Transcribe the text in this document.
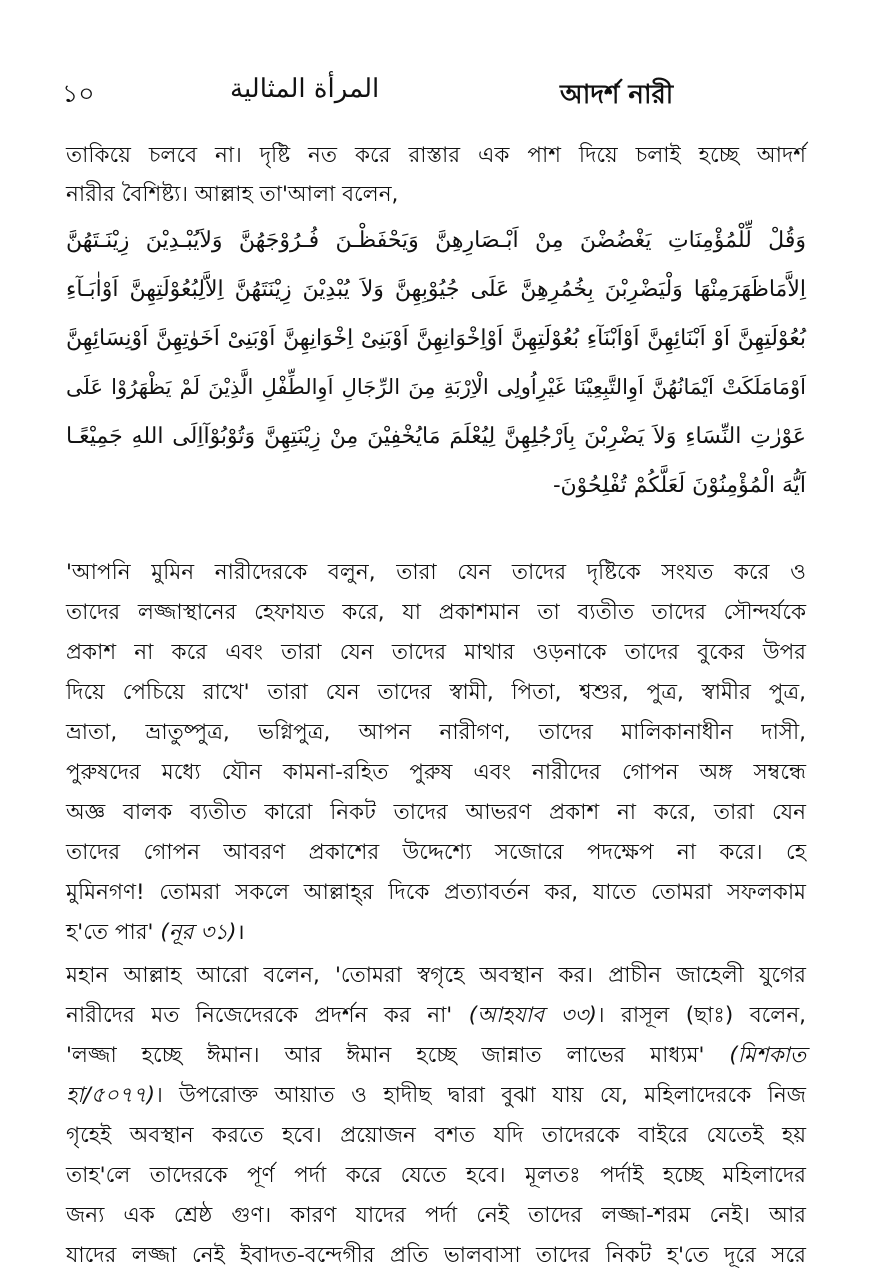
১০	المرأة المثالية	আদর্শ নারী
তাকিয়ে চলবে না। দৃষ্টি নত করে রাস্তার এক পাশ দিয়ে চলাই হচ্ছে আদর্শ
নারীর বৈশিষ্ট্য। আল্লাহ তা'আলা বলেন,
وَقُلْ لِّلْمُؤْمِنَاتِ يَغْضُضْنَ مِنْ اَبْـصَارِهِنَّ وَيَحْفَظْـنَ فُـرُوْجَهُنَّ وَلاَيُبْـدِيْنَ زِيْنَـتَهُنَّ
اِلاَّمَاظَهَرَمِنْهَا وَلْيَضْرِبْنَ بِخُمُرِهِنَّ عَلَى جُيُوْبِهِنَّ وَلاَ يُبْدِيْنَ زِيْنَتَهُنَّ اِلاَّلِبُعُوْلَتِهِنَّ اَوْاٰبَـآءِ
بُعُوْلَتِهِنَّ اَوْ اَبْنَائِهِنَّ اَوْاَبْنَآءِ بُعُوْلَتِهِنَّ اَوْاِخْوَانِهِنَّ اَوْبَنِىْ اِخْوَانِهِنَّ اَوْبَنِىْ اَخَوٰتِهِنَّ اَوْنِسَائِهِنَّ
اَوْمَامَلَكَتْ اَيْمَانُهُنَّ اَوِالتَّبِعِيْنَا غَيْرِاُولِى الْاِرْبَةِ مِنَ الرِّجَالِ اَوِالطِّفْلِ الَّذِيْنَ لَمْ يَظْهَرُوْا عَلَى
عَوْرٰتِ النِّسَاءِ وَلاَ يَضْرِبْنَ بِاَرْجُلِهِنَّ لِيُعْلَمَ مَايُخْفِيْنَ مِنْ زِيْنَتِهِنَّ وَتُوْبُوْآاِلَى اللهِ جَمِيْعًـا
اَيُّهَ الْمُؤْمِنُوْنَ لَعَلَّكُمْ تُفْلِحُوْنَ-
'আপনি মুমিন নারীদেরকে বলুন, তারা যেন তাদের দৃষ্টিকে সংযত করে ও
তাদের লজ্জাস্থানের হেফাযত করে, যা প্রকাশমান তা ব্যতীত তাদের সৌন্দর্যকে
প্রকাশ না করে এবং তারা যেন তাদের মাথার ওড়নাকে তাদের বুকের উপর
দিয়ে পেচিয়ে রাখে' তারা যেন তাদের স্বামী, পিতা, শ্বশুর, পুত্র, স্বামীর পুত্র,
ভ্রাতা, ভ্রাতুষ্পুত্র, ভগ্নিপুত্র, আপন নারীগণ, তাদের মালিকানাধীন দাসী,
পুরুষদের মধ্যে যৌন কামনা-রহিত পুরুষ এবং নারীদের গোপন অঙ্গ সম্বন্ধে
অজ্ঞ বালক ব্যতীত কারো নিকট তাদের আভরণ প্রকাশ না করে, তারা যেন
তাদের গোপন আবরণ প্রকাশের উদ্দেশ্যে সজোরে পদক্ষেপ না করে। হে
মুমিনগণ! তোমরা সকলে আল্লাহ্‌র দিকে প্রত্যাবর্তন কর, যাতে তোমরা সফলকাম
হ'তে পার' (নূর ৩১)।
মহান আল্লাহ আরো বলেন, 'তোমরা স্বগৃহে অবস্থান কর। প্রাচীন জাহেলী যুগের
নারীদের মত নিজেদেরকে প্রদর্শন কর না' (আহযাব ৩৩)। রাসূল (ছাঃ) বলেন,
'লজ্জা হচ্ছে ঈমান। আর ঈমান হচ্ছে জান্নাত লাভের মাধ্যম' (মিশকাত
হা/৫০৭৭)। উপরোক্ত আয়াত ও হাদীছ দ্বারা বুঝা যায় যে, মহিলাদেরকে নিজ
গৃহেই অবস্থান করতে হবে। প্রয়োজন বশত যদি তাদেরকে বাইরে যেতেই হয়
তাহ'লে তাদেরকে পূর্ণ পর্দা করে যেতে হবে। মূলতঃ পর্দাই হচ্ছে মহিলাদের
জন্য এক শ্রেষ্ঠ গুণ। কারণ যাদের পর্দা নেই তাদের লজ্জা-শরম নেই। আর
যাদের লজ্জা নেই ইবাদত-বন্দেগীর প্রতি ভালবাসা তাদের নিকট হ'তে দূরে সরে
